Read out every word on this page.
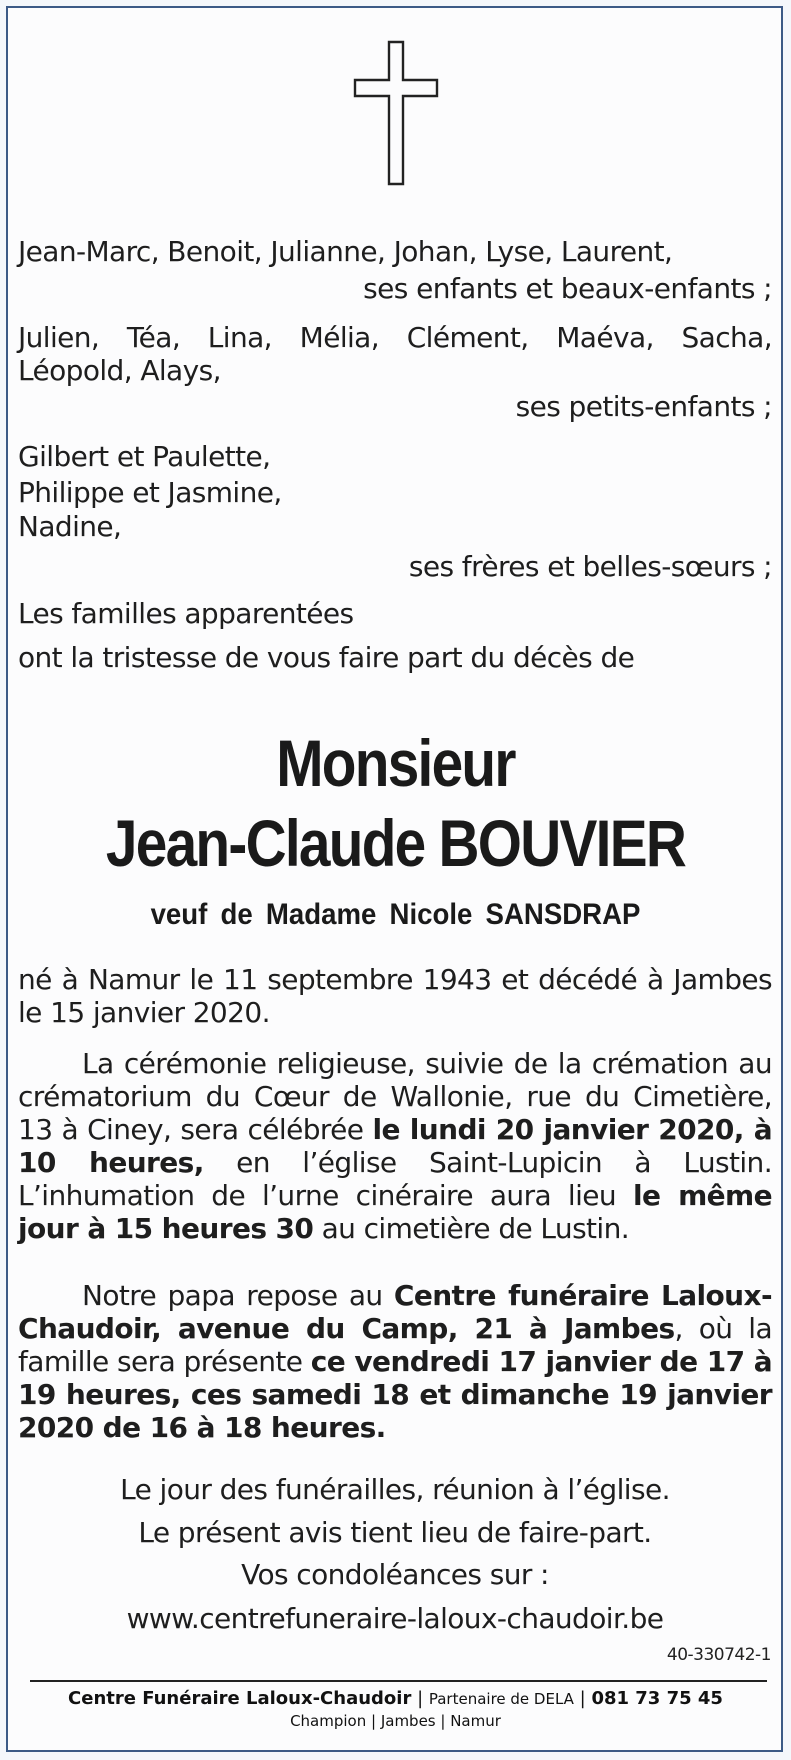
Jean-Marc, Benoit, Julianne, Johan, Lyse, Laurent,
ses enfants et beaux-enfants ;
Julien, Téa, Lina, Mélia, Clément, Maéva, Sacha,
Léopold, Alays,
ses petits-enfants ;
Gilbert et Paulette,
Philippe et Jasmine,
Nadine,
ses frères et belles-sœurs ;
Les familles apparentées
ont la tristesse de vous faire part du décès de
Monsieur
Jean-Claude BOUVIER
veuf de Madame Nicole SANSDRAP
né à Namur le 11 septembre 1943 et décédé à Jambes le 15 janvier 2020.
La cérémonie religieuse, suivie de la crémation au crématorium du Cœur de Wallonie, rue du Cimetière, 13 à Ciney, sera célébrée le lundi 20 janvier 2020, à 10 heures, en l’église Saint-Lupicin à Lustin. L’inhumation de l’urne cinéraire aura lieu le même jour à 15 heures 30 au cimetière de Lustin.
Notre papa repose au Centre funéraire Laloux-Chaudoir, avenue du Camp, 21 à Jambes, où la famille sera présente ce vendredi 17 janvier de 17 à 19 heures, ces samedi 18 et dimanche 19 janvier 2020 de 16 à 18 heures.
Le jour des funérailles, réunion à l’église.
Le présent avis tient lieu de faire-part.
Vos condoléances sur :
www.centrefuneraire-laloux-chaudoir.be
40-330742-1
Centre Funéraire Laloux-Chaudoir | Partenaire de DELA | 081 73 75 45
Champion | Jambes | Namur
